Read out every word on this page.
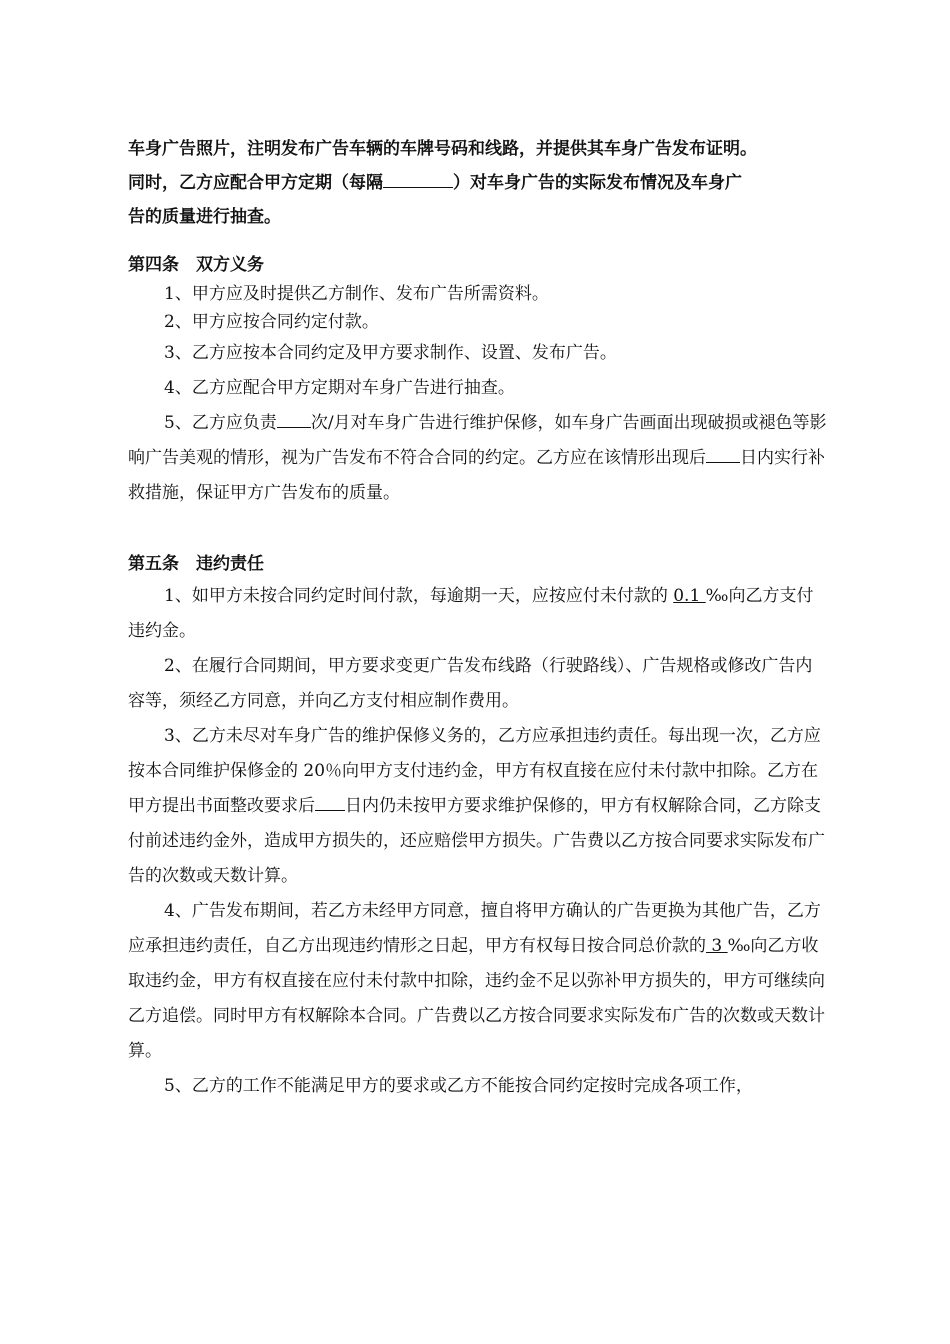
车身广告照片，注明发布广告车辆的车牌号码和线路，并提供其车身广告发布证明。

同时，乙方应配合甲方定期（每隔	）对车身广告的实际发布情况及车身广

告的质量进行抽查。

第四条　双方义务

1、甲方应及时提供乙方制作、发布广告所需资料。

2、甲方应按合同约定付款。

3、乙方应按本合同约定及甲方要求制作、设置、发布广告。

4、乙方应配合甲方定期对车身广告进行抽查。

5、乙方应负责 次/月对车身广告进行维护保修，如车身广告画面出现破损或褪色等影响广告美观的情形，视为广告发布不符合合同的约定。乙方应在该情形出现后 日内实行补救措施，保证甲方广告发布的质量。

第五条　违约责任

1、如甲方未按合同约定时间付款，每逾期一天，应按应付未付款的 0.1 ‰向乙方支付违约金。

2、在履行合同期间，甲方要求变更广告发布线路（行驶路线）、广告规格或修改广告内容等，须经乙方同意，并向乙方支付相应制作费用。

3、乙方未尽对车身广告的维护保修义务的，乙方应承担违约责任。每出现一次，乙方应按本合同维护保修金的 20％向甲方支付违约金，甲方有权直接在应付未付款中扣除。乙方在甲方提出书面整改要求后 日内仍未按甲方要求维护保修的，甲方有权解除合同，乙方除支付前述违约金外，造成甲方损失的，还应赔偿甲方损失。广告费以乙方按合同要求实际发布广告的次数或天数计算。

4、广告发布期间，若乙方未经甲方同意，擅自将甲方确认的广告更换为其他广告，乙方应承担违约责任，自乙方出现违约情形之日起，甲方有权每日按合同总价款的 3 ‰向乙方收取违约金，甲方有权直接在应付未付款中扣除，违约金不足以弥补甲方损失的，甲方可继续向乙方追偿。同时甲方有权解除本合同。广告费以乙方按合同要求实际发布广告的次数或天数计算。

5、乙方的工作不能满足甲方的要求或乙方不能按合同约定按时完成各项工作，
